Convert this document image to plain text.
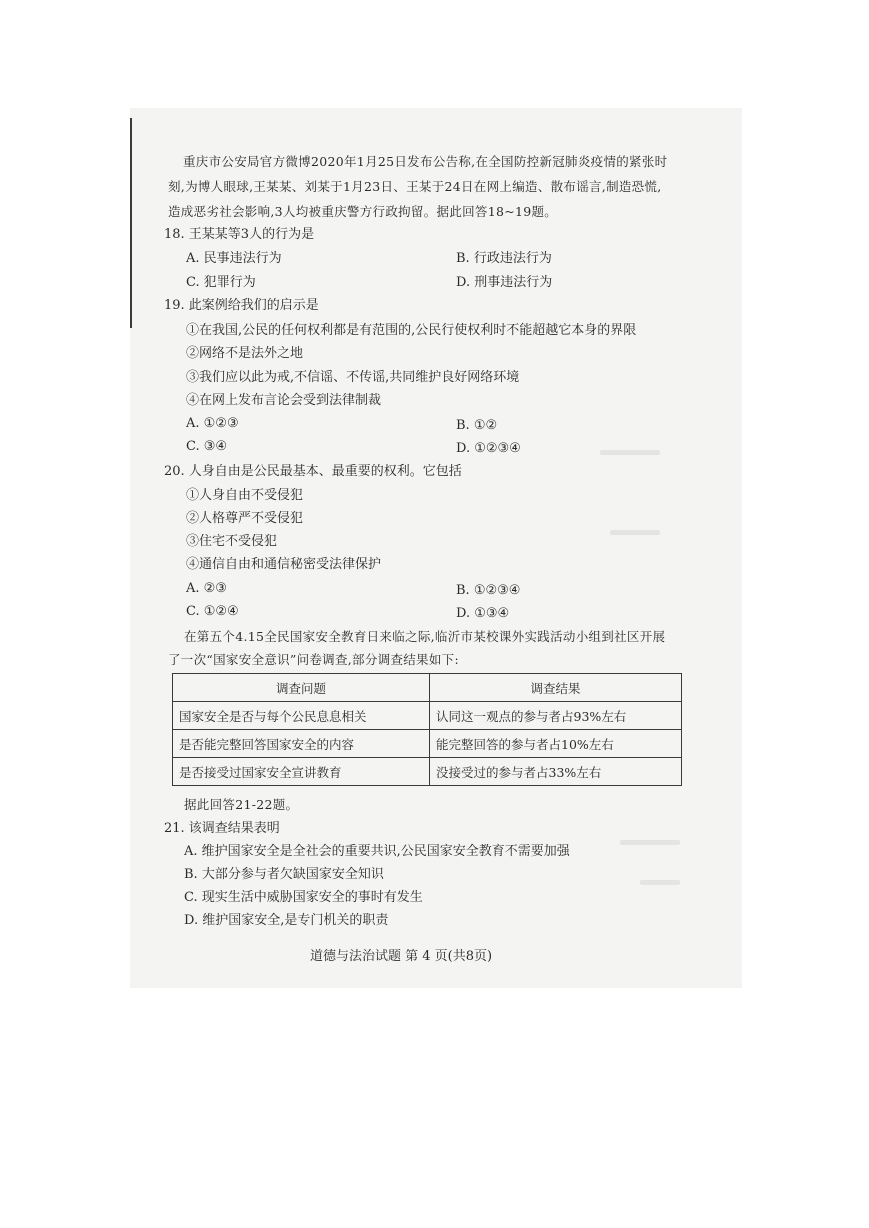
重庆市公安局官方微博2020年1月25日发布公告称,在全国防控新冠肺炎疫情的紧张时
刻,为博人眼球,王某某、刘某于1月23日、王某于24日在网上编造、散布谣言,制造恐慌,
造成恶劣社会影响,3人均被重庆警方行政拘留。据此回答18~19题。
18. 王某某等3人的行为是
A. 民事违法行为	B. 行政违法行为
C. 犯罪行为	D. 刑事违法行为
19. 此案例给我们的启示是
①在我国,公民的任何权利都是有范围的,公民行使权利时不能超越它本身的界限
②网络不是法外之地
③我们应以此为戒,不信谣、不传谣,共同维护良好网络环境
④在网上发布言论会受到法律制裁
A. ①②③	B. ①②
C. ③④	D. ①②③④
20. 人身自由是公民最基本、最重要的权利。它包括
①人身自由不受侵犯
②人格尊严不受侵犯
③住宅不受侵犯
④通信自由和通信秘密受法律保护
A. ②③	B. ①②③④
C. ①②④	D. ①③④
在第五个4.15全民国家安全教育日来临之际,临沂市某校课外实践活动小组到社区开展
了一次“国家安全意识”问卷调查,部分调查结果如下:
调查问题	调查结果
国家安全是否与每个公民息息相关	认同这一观点的参与者占93%左右
是否能完整回答国家安全的内容	能完整回答的参与者占10%左右
是否接受过国家安全宣讲教育	没接受过的参与者占33%左右
据此回答21-22题。
21. 该调查结果表明
A. 维护国家安全是全社会的重要共识,公民国家安全教育不需要加强
B. 大部分参与者欠缺国家安全知识
C. 现实生活中威胁国家安全的事时有发生
D. 维护国家安全,是专门机关的职责
道德与法治试题 第 4 页(共8页)
